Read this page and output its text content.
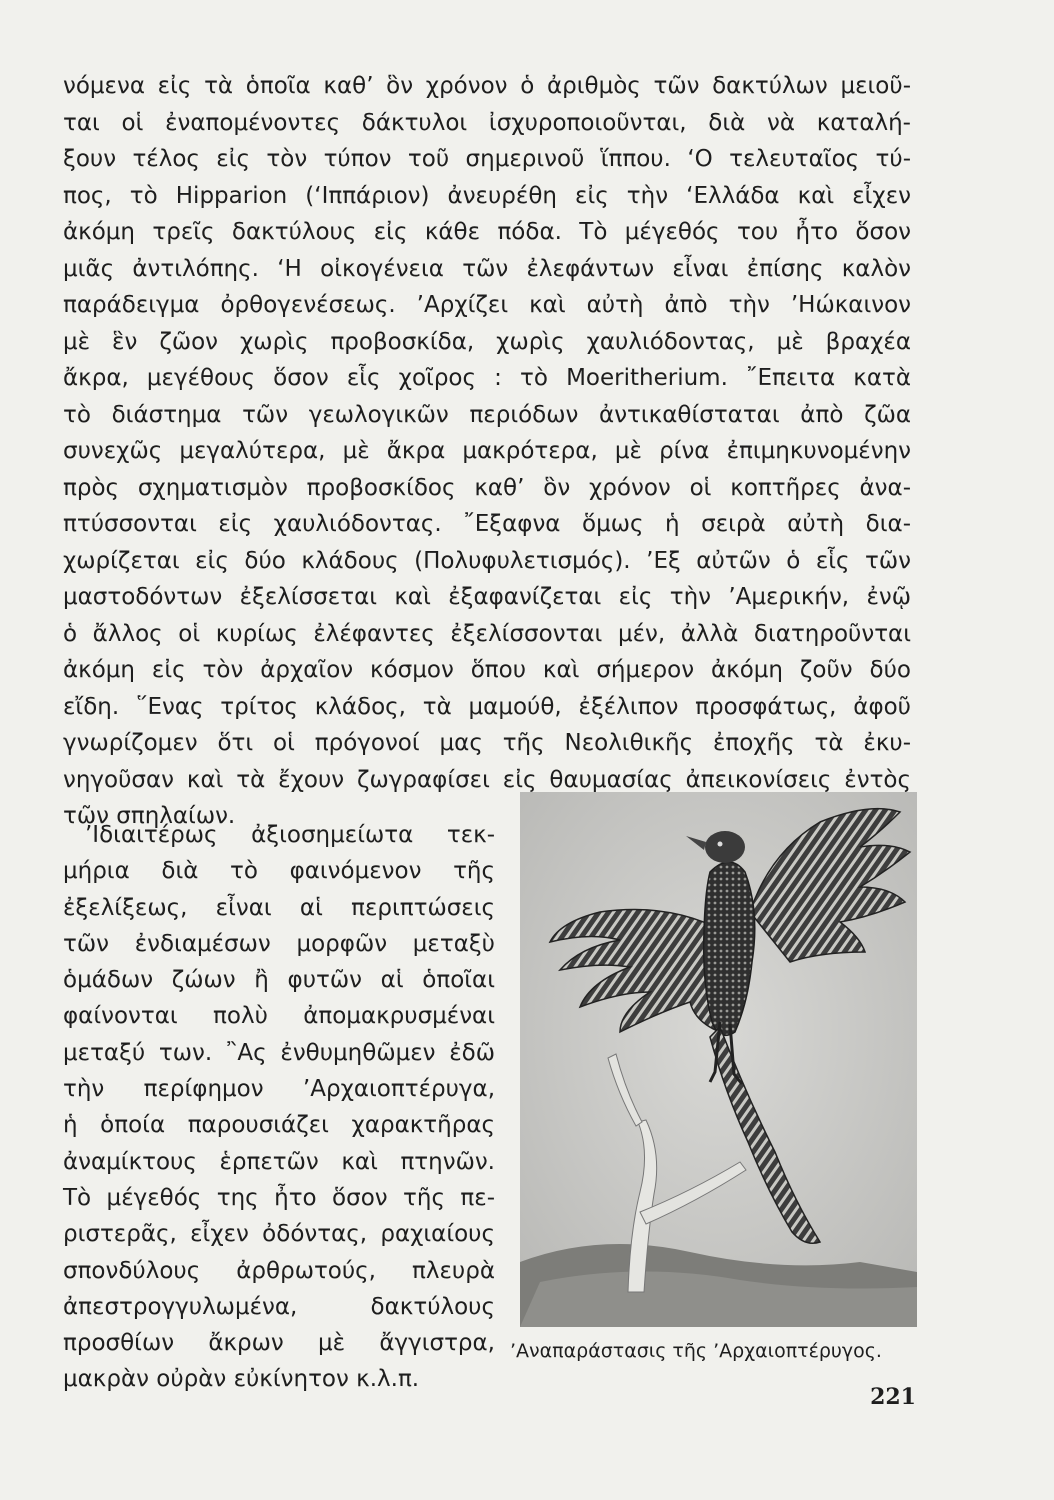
νόμενα εἰς τὰ ὁποῖα καθ’ ὃν χρόνον ὁ ἀριθμὸς τῶν δακτύλων μειοῦ-
ται οἱ ἐναπομένοντες δάκτυλοι ἰσχυροποιοῦνται, διὰ νὰ καταλή-
ξουν τέλος εἰς τὸν τύπον τοῦ σημερινοῦ ἵππου. ‘Ο τελευταῖος τύ-
πος, τὸ Hipparion (‘Ιππάριον) ἀνευρέθη εἰς τὴν ‘Ελλάδα καὶ εἶχεν
ἀκόμη τρεῖς δακτύλους εἰς κάθε πόδα. Τὸ μέγεθός του ἦτο ὅσον
μιᾶς ἀντιλόπης. ‘Η οἰκογένεια τῶν ἐλεφάντων εἶναι ἐπίσης καλὸν
παράδειγμα ὀρθογενέσεως. ’Αρχίζει καὶ αὐτὴ ἀπὸ τὴν ’Ηώκαινον
μὲ ἓν ζῶον χωρὶς προβοσκίδα, χωρὶς χαυλιόδοντας, μὲ βραχέα
ἄκρα, μεγέθους ὅσον εἷς χοῖρος : τὸ Moeritherium. ῎Επειτα κατὰ
τὸ διάστημα τῶν γεωλογικῶν περιόδων ἀντικαθίσταται ἀπὸ ζῶα
συνεχῶς μεγαλύτερα, μὲ ἄκρα μακρότερα, μὲ ρίνα ἐπιμηκυνομένην
πρὸς σχηματισμὸν προβοσκίδος καθ’ ὃν χρόνον οἱ κοπτῆρες ἀνα-
πτύσσονται εἰς χαυλιόδοντας. ῎Εξαφνα ὅμως ἡ σειρὰ αὐτὴ δια-
χωρίζεται εἰς δύο κλάδους (Πολυφυλετισμός). ’Εξ αὐτῶν ὁ εἷς τῶν
μαστοδόντων ἐξελίσσεται καὶ ἐξαφανίζεται εἰς τὴν ’Αμερικήν, ἐνῷ
ὁ ἄλλος οἱ κυρίως ἐλέφαντες ἐξελίσσονται μέν, ἀλλὰ διατηροῦνται
ἀκόμη εἰς τὸν ἀρχαῖον κόσμον ὅπου καὶ σήμερον ἀκόμη ζοῦν δύο
εἴδη. ῞Ενας τρίτος κλάδος, τὰ μαμούθ, ἐξέλιπον προσφάτως, ἀφοῦ
γνωρίζομεν ὅτι οἱ πρόγονοί μας τῆς Νεολιθικῆς ἐποχῆς τὰ ἐκυ-
νηγοῦσαν καὶ τὰ ἔχουν ζωγραφίσει εἰς θαυμασίας ἀπεικονίσεις ἐντὸς
τῶν σπηλαίων.
’Ιδιαιτέρως ἀξιοσημείωτα τεκ-
μήρια διὰ τὸ φαινόμενον τῆς
ἐξελίξεως, εἶναι αἱ περιπτώσεις
τῶν ἐνδιαμέσων μορφῶν μεταξὺ
ὁμάδων ζώων ἢ φυτῶν αἱ ὁποῖαι
φαίνονται πολὺ ἀπομακρυσμέναι
μεταξύ των. ῍Ας ἐνθυμηθῶμεν ἐδῶ
τὴν περίφημον ’Αρχαιοπτέρυγα,
ἡ ὁποία παρουσιάζει χαρακτῆρας
ἀναμίκτους ἑρπετῶν καὶ πτηνῶν.
Τὸ μέγεθός της ἦτο ὅσον τῆς πε-
ριστερᾶς, εἶχεν ὀδόντας, ραχιαίους
σπονδύλους ἀρθρωτούς, πλευρὰ
ἀπεστρογγυλωμένα, δακτύλους
προσθίων ἄκρων μὲ ἄγγιστρα,
μακρὰν οὐρὰν εὐκίνητον κ.λ.π.
’Αναπαράστασις τῆς ’Αρχαιοπτέρυγος.
221
